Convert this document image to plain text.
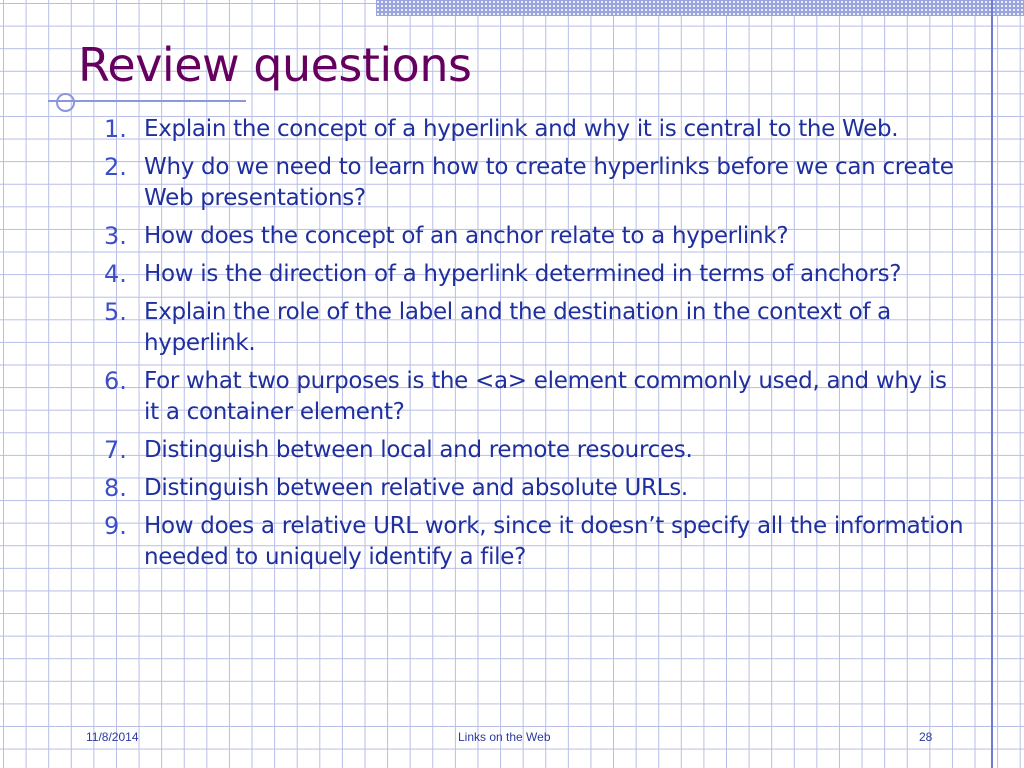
Review questions
1. Explain the concept of a hyperlink and why it is central to the Web.
2. Why do we need to learn how to create hyperlinks before we can create Web presentations?
3. How does the concept of an anchor relate to a hyperlink?
4. How is the direction of a hyperlink determined in terms of anchors?
5. Explain the role of the label and the destination in the context of a hyperlink.
6. For what two purposes is the <a> element commonly used, and why is it a container element?
7. Distinguish between local and remote resources.
8. Distinguish between relative and absolute URLs.
9. How does a relative URL work, since it doesn’t specify all the information needed to uniquely identify a file?
11/8/2014	Links on the Web	28
